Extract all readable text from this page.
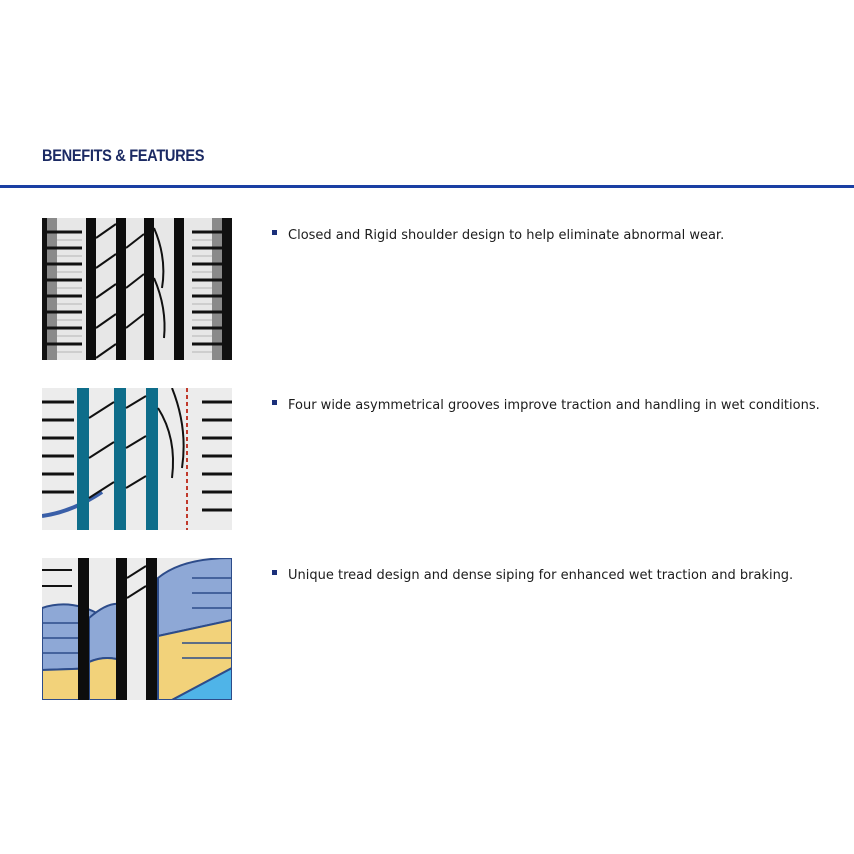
BENEFITS & FEATURES
Closed and Rigid shoulder design to help eliminate abnormal wear.
Four wide asymmetrical grooves improve traction and handling in wet conditions.
Unique tread design and dense siping for enhanced wet traction and braking.
